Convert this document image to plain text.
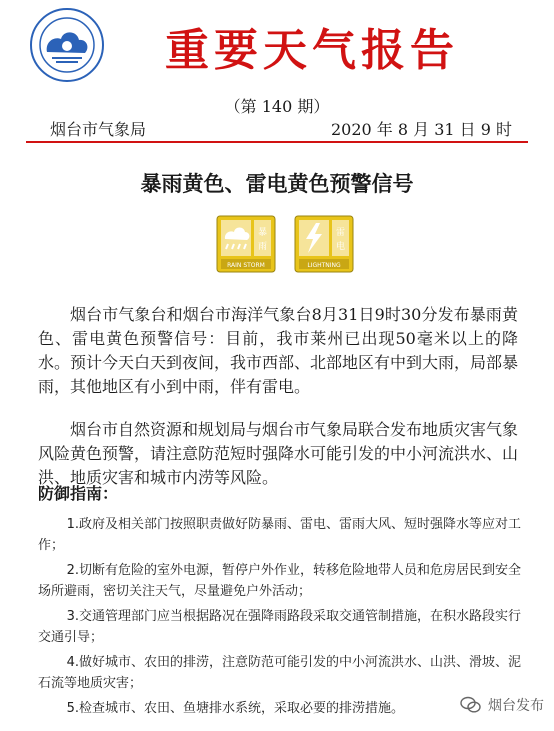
重要天气报告
（第 140 期）
烟台市气象局	2020 年 8 月 31 日 9 时
暴雨黄色、雷电黄色预警信号
暴
雨
RAIN STORM
雷
电
LIGHTNING

烟台市气象台和烟台市海洋气象台8月31日9时30分发布暴雨黄色、雷电黄色预警信号：目前，我市莱州已出现50毫米以上的降水。预计今天白天到夜间，我市西部、北部地区有中到大雨，局部暴雨，其他地区有小到中雨，伴有雷电。

烟台市自然资源和规划局与烟台市气象局联合发布地质灾害气象风险黄色预警，请注意防范短时强降水可能引发的中小河流洪水、山洪、地质灾害和城市内涝等风险。

防御指南：
1.政府及相关部门按照职责做好防暴雨、雷电、雷雨大风、短时强降水等应对工作；
2.切断有危险的室外电源，暂停户外作业，转移危险地带人员和危房居民到安全场所避雨，密切关注天气，尽量避免户外活动；
3.交通管理部门应当根据路况在强降雨路段采取交通管制措施，在积水路段实行交通引导；
4.做好城市、农田的排涝，注意防范可能引发的中小河流洪水、山洪、滑坡、泥石流等地质灾害；
5.检查城市、农田、鱼塘排水系统，采取必要的排涝措施。	烟台发布
